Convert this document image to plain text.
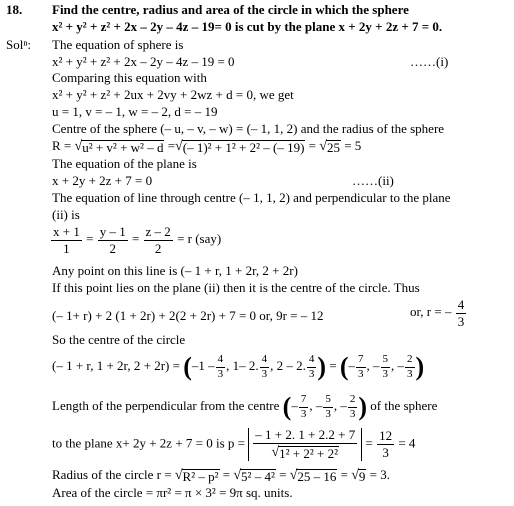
18. Find the centre, radius and area of the circle in which the sphere
x² + y² + z² + 2x – 2y – 4z – 19= 0 is cut by the plane x + 2y + 2z + 7 = 0.
Solⁿ: The equation of sphere is
x² + y² + z² + 2x – 2y – 4z – 19 = 0	……(i)
Comparing this equation with
x² + y² + z² + 2ux + 2vy + 2wz + d = 0, we get
u = 1, v = – 1, w = – 2, d = – 19
Centre of the sphere (– u, – v, – w) = (– 1, 1, 2) and the radius of the sphere
R = √ u² + v² + w² – d = √ (– 1)² + 1² + 2² – (– 19) = √ 25 = 5
The equation of the plane is
x + 2y + 2z + 7 = 0	……(ii)
The equation of line through centre (– 1, 1, 2) and perpendicular to the plane
(ii) is
$\frac{x + 1}{1} = \frac{y - 1}{2} = \frac{z - 2}{2} = r$ (say)
Any point on this line is (– 1 + r, 1 + 2r, 2 + 2r)
If this point lies on the plane (ii) then it is the centre of the circle. Thus
(– 1+ r) + 2 (1 + 2r) + 2(2 + 2r) + 7 = 0 or, 9r = – 12	or, r = – $\frac{4}{3}$
So the centre of the circle
(– 1 + r, 1 + 2r, $2 + 2r) = (-1 - \frac{4}{3}$ , 1– 2. $\frac{4}{3}$ , 2 – 2. $\frac{4}{3}$ ) = (– $\frac{7}{3}$ , – $\frac{5}{3}$ , – $\frac{2}{3}$ )
Length of the perpendicular from the centre (– $\frac{7}{3}$ , – $\frac{5}{3}$ , – $\frac{2}{3}$ ) of the sphere
to the plane x+ 2y + 2z + 7 = 0 is $p = \frac{- 1 + 2. 1 + 2.2 + 7}{\text{√ 1² + 2² + 2²}} = \frac{12}{3} = 4$
Radius of the circle r = √ R² – p² = √ 5² – 4² = √ 25 – 16 = √ 9 = 3.
Area of the circle = πr² = π × 3² = 9π sq. units.
